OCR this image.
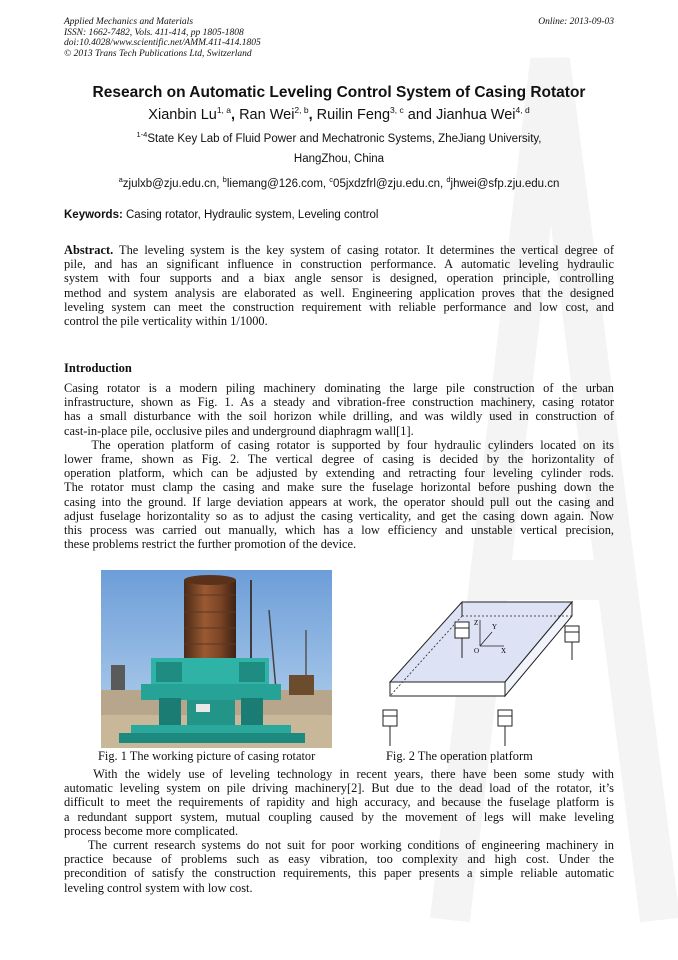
Applied Mechanics and Materials
ISSN: 1662-7482, Vols. 411-414, pp 1805-1808
doi:10.4028/www.scientific.net/AMM.411-414.1805
© 2013 Trans Tech Publications Ltd, Switzerland
Online: 2013-09-03
Research on Automatic Leveling Control System of Casing Rotator
Xianbin Lu$^{1, a}$, Ran Wei$^{2, b}$, Ruilin Feng$^{3, c}$ and Jianhua Wei$^{4, d}$
$^{1-4}$State Key Lab of Fluid Power and Mechatronic Systems, ZheJiang University,
HangZhou, China
$^a$zjulxb@zju.edu.cn, $^b$liemang@126.com, $^c$05jxdzfrl@zju.edu.cn, $^d$jhwei@sfp.zju.edu.cn
Keywords: Casing rotator, Hydraulic system, Leveling control
Abstract. The leveling system is the key system of casing rotator. It determines the vertical degree of
pile, and has an significant influence in construction performance. A automatic leveling hydraulic
system with four supports and a biax angle sensor is designed, operation principle, controlling
method and system analysis are elaborated as well. Engineering application proves that the designed
leveling system can meet the construction requirement with reliable performance and low cost, and
control the pile verticality within 1/1000.
Introduction
Casing rotator is a modern piling machinery dominating the large pile construction of the urban
infrastructure, shown as Fig. 1. As a steady and vibration-free construction machinery, casing rotator
has a small disturbance with the soil horizon while drilling, and was wildly used in construction of
cast-in-place pile, occlusive piles and underground diaphragm wall[1].
The operation platform of casing rotator is supported by four hydraulic cylinders located on its
lower frame, shown as Fig. 2. The vertical degree of casing is decided by the horizontality of
operation platform, which can be adjusted by extending and retracting four leveling cylinder rods.
The rotator must clamp the casing and make sure the fuselage horizontal before pushing down the
casing into the ground. If large deviation appears at work, the operator should pull out the casing and
adjust fuselage horizontality so as to adjust the casing verticality, and get the casing down again. Now
this process was carried out manually, which has a low efficiency and unstable vertical precision,
these problems restrict the further promotion of the device.
Z Y
X
O
Fig. 1 The working picture of casing rotator	Fig. 2 The operation platform
With the widely use of leveling technology in recent years, there have been some study with
automatic leveling system on pile driving machinery[2]. But due to the dead load of the rotator, it’s
difficult to meet the requirements of rapidity and high accuracy, and because the fuselage platform is
a redundant support system, mutual coupling caused by the movement of legs will make leveling
process become more complicated.
The current research systems do not suit for poor working conditions of engineering machinery in
practice because of problems such as easy vibration, too complexity and high cost. Under the
precondition of satisfy the construction requirements, this paper presents a simple reliable automatic
leveling control system with low cost.
